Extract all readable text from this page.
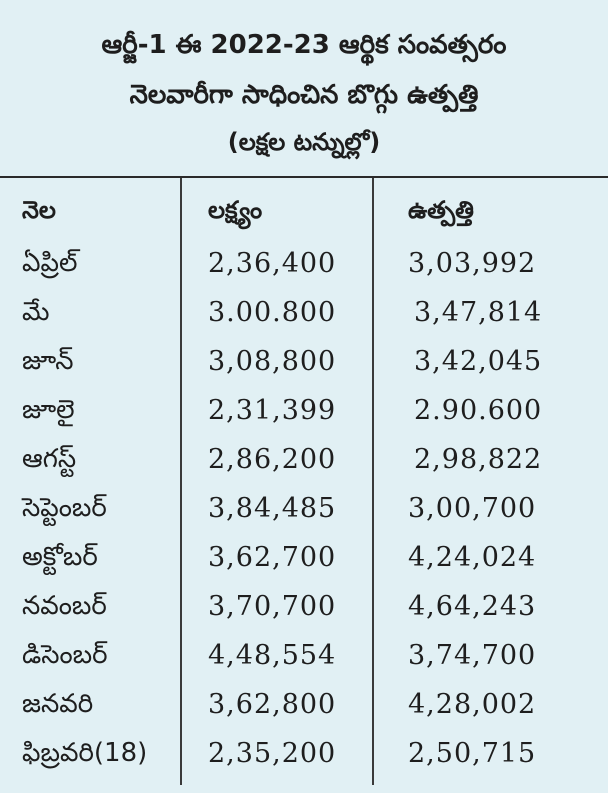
ఆర్జీ-1 ఈ 2022-23 ఆర్థిక సంవత్సరం
నెలవారీగా సాధించిన బొగ్గు ఉత్పత్తి
(లక్షల టన్నుల్లో)
నెల	లక్ష్యం	ఉత్పత్తి
ఏప్రిల్	2,36,400	3,03,992
మే	3.00.800	3,47,814
జూన్	3,08,800	3,42,045
జూలై	2,31,399	2.90.600
ఆగస్ట్	2,86,200	2,98,822
సెప్టెంబర్	3,84,485	3,00,700
అక్టోబర్	3,62,700	4,24,024
నవంబర్	3,70,700	4,64,243
డిసెంబర్	4,48,554	3,74,700
జనవరి	3,62,800	4,28,002
ఫిబ్రవరి(18) 2,35,200	2,50,715
